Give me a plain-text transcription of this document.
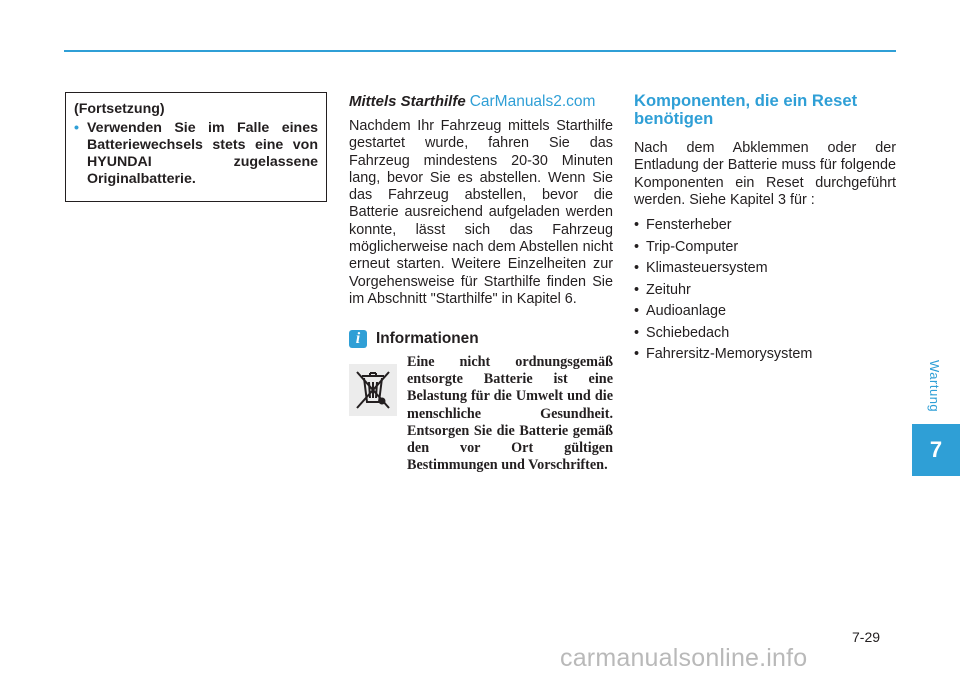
(Fortsetzung)
• Verwenden Sie im Falle eines Batteriewechsels stets eine von HYUNDAI zugelassene Originalbatterie.
Mittels Starthilfe CarManuals2.com
Nachdem Ihr Fahrzeug mittels Starthilfe gestartet wurde, fahren Sie das Fahrzeug mindestens 20-30 Minuten lang, bevor Sie es abstellen. Wenn Sie das Fahrzeug abstellen, bevor die Batterie ausreichend aufgeladen werden konnte, lässt sich das Fahrzeug möglicherweise nach dem Abstellen nicht erneut starten. Weitere Einzelheiten zur Vorgehensweise für Starthilfe finden Sie im Abschnitt "Starthilfe" in Kapitel 6.
i	Informationen
Eine nicht ordnungsgemäß entsorgte Batterie ist eine Belastung für die Umwelt und die menschliche Gesundheit. Entsorgen Sie die Batterie gemäß den vor Ort gültigen Bestimmungen und Vorschriften.
Komponenten, die ein Reset benötigen
Nach dem Abklemmen oder der Entladung der Batterie muss für folgende Komponenten ein Reset durchgeführt werden. Siehe Kapitel 3 für :
• Fensterheber
• Trip-Computer
• Klimasteuersystem
• Zeituhr
• Audioanlage
• Schiebedach
• Fahrersitz-Memorysystem
Wartung
7
7-29
carmanualsonline.info
